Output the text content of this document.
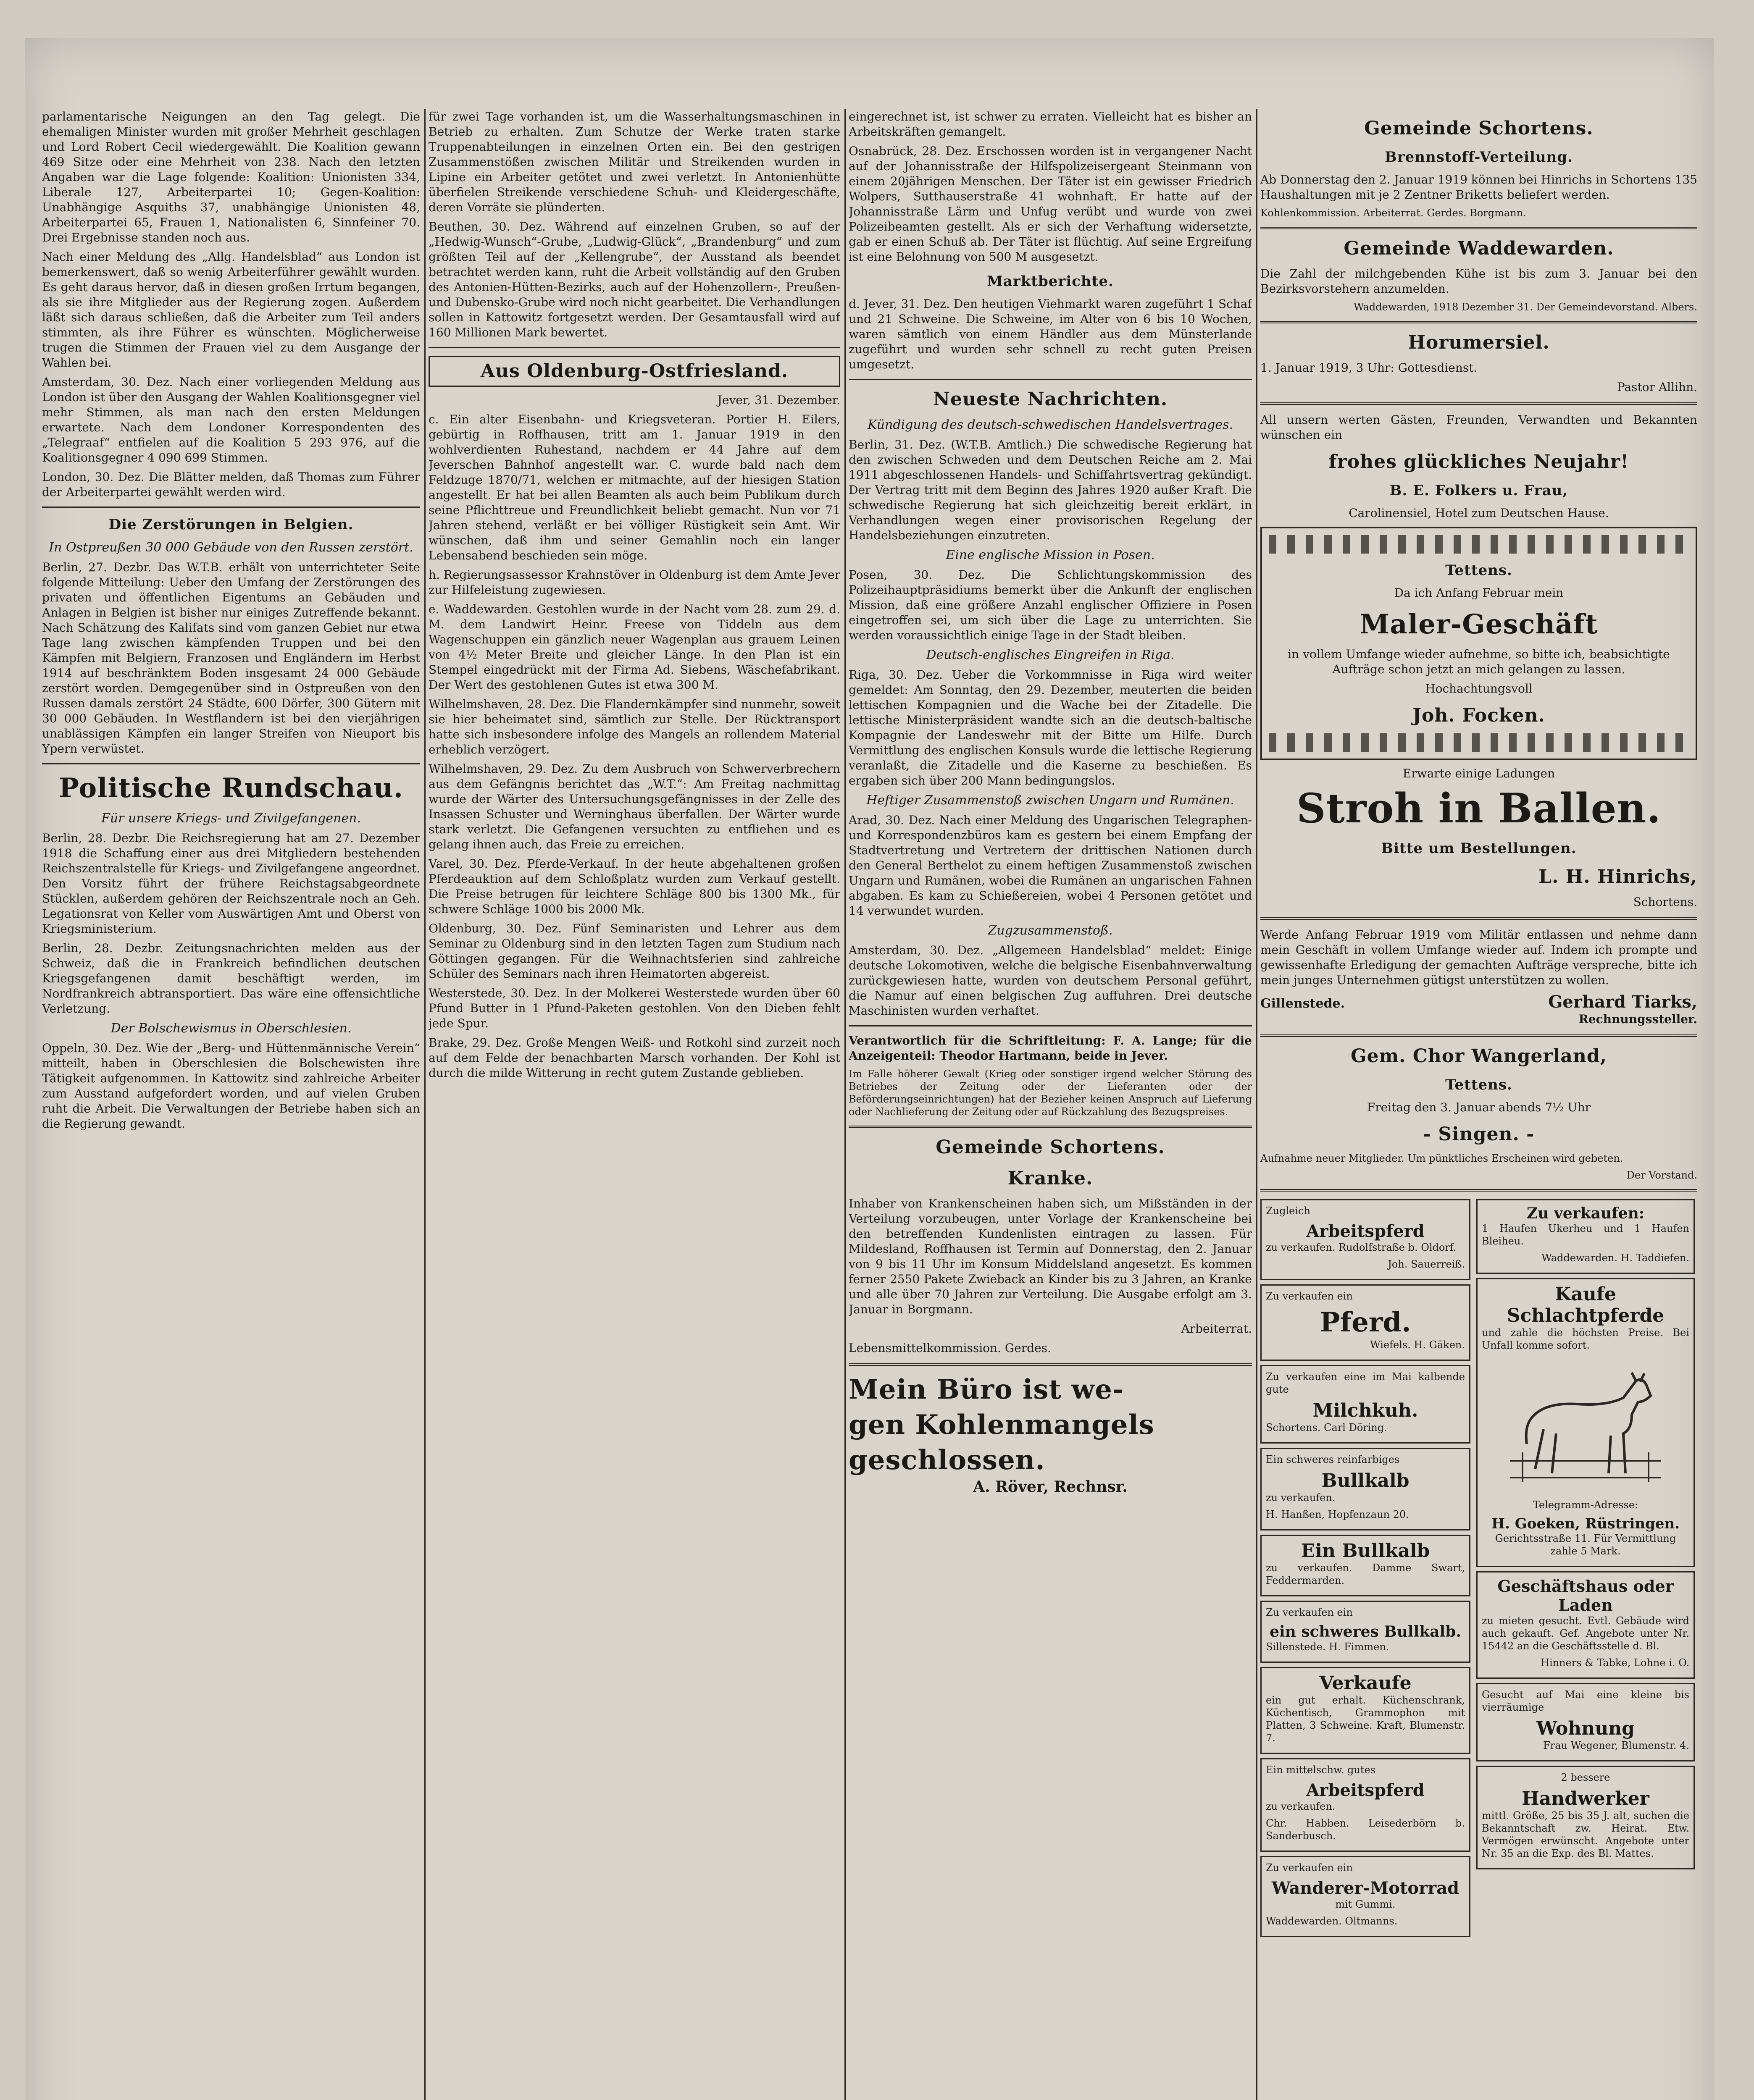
parlamentarische Neigungen an den Tag gelegt. Die ehemaligen Minister wurden mit großer Mehrheit geschlagen und Lord Robert Cecil wiedergewählt. Die Koalition gewann 469 Sitze oder eine Mehrheit von 238. Nach den letzten Angaben war die Lage folgende: Koalition: Unionisten 334, Liberale 127, Arbeiterpartei 10; Gegen-Koalition: Unabhängige Asquiths 37, unabhängige Unionisten 48, Arbeiterpartei 65, Frauen 1, Nationalisten 6, Sinnfeiner 70. Drei Ergebnisse standen noch aus.

Nach einer Meldung des „Allg. Handelsblad“ aus London ist bemerkenswert, daß so wenig Arbeiterführer gewählt wurden. Es geht daraus hervor, daß in diesen großen Irrtum begangen, als sie ihre Mitglieder aus der Regierung zogen. Außerdem läßt sich daraus schließen, daß die Arbeiter zum Teil anders stimmten, als ihre Führer es wünschten. Möglicherweise trugen die Stimmen der Frauen viel zu dem Ausgange der Wahlen bei.

Amsterdam, 30. Dez. Nach einer vorliegenden Meldung aus London ist über den Ausgang der Wahlen Koalitionsgegner viel mehr Stimmen, als man nach den ersten Meldungen erwartete. Nach dem Londoner Korrespondenten des „Telegraaf“ entfielen auf die Koalition 5 293 976, auf die Koalitionsgegner 4 090 699 Stimmen.

London, 30. Dez. Die Blätter melden, daß Thomas zum Führer der Arbeiterpartei gewählt werden wird.

Die Zerstörungen in Belgien.
In Ostpreußen 30 000 Gebäude von den Russen zerstört.

Berlin, 27. Dezbr. Das W.T.B. erhält von unterrichteter Seite folgende Mitteilung: Ueber den Umfang der Zerstörungen des privaten und öffentlichen Eigentums an Gebäuden und Anlagen in Belgien ist bisher nur einiges Zutreffende bekannt. Nach Schätzung des Kalifats sind vom ganzen Gebiet nur etwa Tage lang zwischen kämpfenden Truppen und bei den Kämpfen mit Belgiern, Franzosen und Engländern im Herbst 1914 auf beschränktem Boden insgesamt 24 000 Gebäude zerstört worden. Demgegenüber sind in Ostpreußen von den Russen damals zerstört 24 Städte, 600 Dörfer, 300 Gütern mit 30 000 Gebäuden. In Westflandern ist bei den vierjährigen unablässigen Kämpfen ein langer Streifen von Nieuport bis Ypern verwüstet.

Politische Rundschau.
Für unsere Kriegs- und Zivilgefangenen.

Berlin, 28. Dezbr. Die Reichsregierung hat am 27. Dezember 1918 die Schaffung einer aus drei Mitgliedern bestehenden Reichszentralstelle für Kriegs- und Zivilgefangene angeordnet. Den Vorsitz führt der frühere Reichstagsabgeordnete Stücklen, außerdem gehören der Reichszentrale noch an Geh. Legationsrat von Keller vom Auswärtigen Amt und Oberst von Kriegsministerium.

Berlin, 28. Dezbr. Zeitungsnachrichten melden aus der Schweiz, daß die in Frankreich befindlichen deutschen Kriegsgefangenen damit beschäftigt werden, im Nordfrankreich abtransportiert. Das wäre eine offensichtliche Verletzung.

Der Bolschewismus in Oberschlesien.

Oppeln, 30. Dez. Wie der „Berg- und Hüttenmännische Verein“ mitteilt, haben in Oberschlesien die Bolschewisten ihre Tätigkeit aufgenommen. In Kattowitz sind zahlreiche Arbeiter zum Ausstand aufgefordert worden, und auf vielen Gruben ruht die Arbeit. Die Verwaltungen der Betriebe haben sich an die Regierung gewandt.

für zwei Tage vorhanden ist, um die Wasserhaltungsmaschinen in Betrieb zu erhalten. Zum Schutze der Werke traten starke Truppenabteilungen in einzelnen Orten ein. Bei den gestrigen Zusammenstößen zwischen Militär und Streikenden wurden in Lipine ein Arbeiter getötet und zwei verletzt. In Antonienhütte überfielen Streikende verschiedene Schuh- und Kleidergeschäfte, deren Vorräte sie plünderten.

Beuthen, 30. Dez. Während auf einzelnen Gruben, so auf der „Hedwig-Wunsch“-Grube, „Ludwig-Glück“, „Brandenburg“ und zum größten Teil auf der „Kellengrube“, der Ausstand als beendet betrachtet werden kann, ruht die Arbeit vollständig auf den Gruben des Antonien-Hütten-Bezirks, auch auf der Hohenzollern-, Preußen- und Dubensko-Grube wird noch nicht gearbeitet. Die Verhandlungen sollen in Kattowitz fortgesetzt werden. Der Gesamtausfall wird auf 160 Millionen Mark bewertet.

Aus Oldenburg-Ostfriesland.

Jever, 31. Dezember.

c. Ein alter Eisenbahn- und Kriegsveteran. Portier H. Eilers, gebürtig in Roffhausen, tritt am 1. Januar 1919 in den wohlverdienten Ruhestand, nachdem er 44 Jahre auf dem Jeverschen Bahnhof angestellt war. C. wurde bald nach dem Feldzuge 1870/71, welchen er mitmachte, auf der hiesigen Station angestellt. Er hat bei allen Beamten als auch beim Publikum durch seine Pflichttreue und Freundlichkeit beliebt gemacht. Nun vor 71 Jahren stehend, verläßt er bei völliger Rüstigkeit sein Amt. Wir wünschen, daß ihm und seiner Gemahlin noch ein langer Lebensabend beschieden sein möge.

h. Regierungsassessor Krahnstöver in Oldenburg ist dem Amte Jever zur Hilfeleistung zugewiesen.

e. Waddewarden. Gestohlen wurde in der Nacht vom 28. zum 29. d. M. dem Landwirt Heinr. Freese von Tiddeln aus dem Wagenschuppen ein gänzlich neuer Wagenplan aus grauem Leinen von 4½ Meter Breite und gleicher Länge. In den Plan ist ein Stempel eingedrückt mit der Firma Ad. Siebens, Wäschefabrikant. Der Wert des gestohlenen Gutes ist etwa 300 M.

Wilhelmshaven, 28. Dez. Die Flandernkämpfer sind nunmehr, soweit sie hier beheimatet sind, sämtlich zur Stelle. Der Rücktransport hatte sich insbesondere infolge des Mangels an rollendem Material erheblich verzögert.

Wilhelmshaven, 29. Dez. Zu dem Ausbruch von Schwerverbrechern aus dem Gefängnis berichtet das „W.T.“: Am Freitag nachmittag wurde der Wärter des Untersuchungsgefängnisses in der Zelle des Insassen Schuster und Werninghaus überfallen. Der Wärter wurde stark verletzt. Die Gefangenen versuchten zu entfliehen und es gelang ihnen auch, das Freie zu erreichen.

Varel, 30. Dez. Pferde-Verkauf. In der heute abgehaltenen großen Pferdeauktion auf dem Schloßplatz wurden zum Verkauf gestellt. Die Preise betrugen für leichtere Schläge 800 bis 1300 Mk., für schwere Schläge 1000 bis 2000 Mk.

Oldenburg, 30. Dez. Fünf Seminaristen und Lehrer aus dem Seminar zu Oldenburg sind in den letzten Tagen zum Studium nach Göttingen gegangen. Für die Weihnachtsferien sind zahlreiche Schüler des Seminars nach ihren Heimatorten abgereist.

Westerstede, 30. Dez. In der Molkerei Westerstede wurden über 60 Pfund Butter in 1 Pfund-Paketen gestohlen. Von den Dieben fehlt jede Spur.

Brake, 29. Dez. Große Mengen Weiß- und Rotkohl sind zurzeit noch auf dem Felde der benachbarten Marsch vorhanden. Der Kohl ist durch die milde Witterung in recht gutem Zustande geblieben.

eingerechnet ist, ist schwer zu erraten. Vielleicht hat es bisher an Arbeitskräften gemangelt.

Osnabrück, 28. Dez. Erschossen worden ist in vergangener Nacht auf der Johannisstraße der Hilfspolizeisergeant Steinmann von einem 20jährigen Menschen. Der Täter ist ein gewisser Friedrich Wolpers, Sutthauserstraße 41 wohnhaft. Er hatte auf der Johannisstraße Lärm und Unfug verübt und wurde von zwei Polizeibeamten gestellt. Als er sich der Verhaftung widersetzte, gab er einen Schuß ab. Der Täter ist flüchtig. Auf seine Ergreifung ist eine Belohnung von 500 M ausgesetzt.

Marktberichte.

d. Jever, 31. Dez. Den heutigen Viehmarkt waren zugeführt 1 Schaf und 21 Schweine. Die Schweine, im Alter von 6 bis 10 Wochen, waren sämtlich von einem Händler aus dem Münsterlande zugeführt und wurden sehr schnell zu recht guten Preisen umgesetzt.

Neueste Nachrichten.
Kündigung des deutsch-schwedischen Handelsvertrages.

Berlin, 31. Dez. (W.T.B. Amtlich.) Die schwedische Regierung hat den zwischen Schweden und dem Deutschen Reiche am 2. Mai 1911 abgeschlossenen Handels- und Schiffahrtsvertrag gekündigt. Der Vertrag tritt mit dem Beginn des Jahres 1920 außer Kraft. Die schwedische Regierung hat sich gleichzeitig bereit erklärt, in Verhandlungen wegen einer provisorischen Regelung der Handelsbeziehungen einzutreten.

Eine englische Mission in Posen.

Posen, 30. Dez. Die Schlichtungskommission des Polizeihauptpräsidiums bemerkt über die Ankunft der englischen Mission, daß eine größere Anzahl englischer Offiziere in Posen eingetroffen sei, um sich über die Lage zu unterrichten. Sie werden voraussichtlich einige Tage in der Stadt bleiben.

Deutsch-englisches Eingreifen in Riga.

Riga, 30. Dez. Ueber die Vorkommnisse in Riga wird weiter gemeldet: Am Sonntag, den 29. Dezember, meuterten die beiden lettischen Kompagnien und die Wache bei der Zitadelle. Die lettische Ministerpräsident wandte sich an die deutsch-baltische Kompagnie der Landeswehr mit der Bitte um Hilfe. Durch Vermittlung des englischen Konsuls wurde die lettische Regierung veranlaßt, die Zitadelle und die Kaserne zu beschießen. Es ergaben sich über 200 Mann bedingungslos.

Heftiger Zusammenstoß zwischen Ungarn und Rumänen.

Arad, 30. Dez. Nach einer Meldung des Ungarischen Telegraphen- und Korrespondenzbüros kam es gestern bei einem Empfang der Stadtvertretung und Vertretern der drittischen Nationen durch den General Berthelot zu einem heftigen Zusammenstoß zwischen Ungarn und Rumänen, wobei die Rumänen an ungarischen Fahnen abgaben. Es kam zu Schießereien, wobei 4 Personen getötet und 14 verwundet wurden.

Zugzusammenstoß.

Amsterdam, 30. Dez. „Allgemeen Handelsblad“ meldet: Einige deutsche Lokomotiven, welche die belgische Eisenbahnverwaltung zurückgewiesen hatte, wurden von deutschem Personal geführt, die Namur auf einen belgischen Zug auffuhren. Drei deutsche Maschinisten wurden verhaftet.

Verantwortlich für die Schriftleitung: F. A. Lange; für die Anzeigenteil: Theodor Hartmann, beide in Jever.

Im Falle höherer Gewalt (Krieg oder sonstiger irgend welcher Störung des Betriebes der Zeitung oder der Lieferanten oder der Beförderungseinrichtungen) hat der Bezieher keinen Anspruch auf Lieferung oder Nachlieferung der Zeitung oder auf Rückzahlung des Bezugspreises.

Gemeinde Schortens.
Kranke.

Inhaber von Krankenscheinen haben sich, um Mißständen in der Verteilung vorzubeugen, unter Vorlage der Krankenscheine bei den betreffenden Kundenlisten eintragen zu lassen. Für Mildesland, Roffhausen ist Termin auf Donnerstag, den 2. Januar von 9 bis 11 Uhr im Konsum Middelsland angesetzt. Es kommen ferner 2550 Pakete Zwieback an Kinder bis zu 3 Jahren, an Kranke und alle über 70 Jahren zur Verteilung. Die Ausgabe erfolgt am 3. Januar in Borgmann.

Arbeiterrat.

Lebensmittelkommission. Gerdes.

Mein Büro ist we-
gen Kohlenmangels
geschlossen.

A. Röver, Rechnsr.

Gemeinde Schortens.
Brennstoff-Verteilung.

Ab Donnerstag den 2. Januar 1919 können bei Hinrichs in Schortens 135 Haushaltungen mit je 2 Zentner Briketts beliefert werden.

Kohlenkommission. Arbeiterrat. Gerdes. Borgmann.

Gemeinde Waddewarden.

Die Zahl der milchgebenden Kühe ist bis zum 3. Januar bei den Bezirksvorstehern anzumelden.

Waddewarden, 1918 Dezember 31. Der Gemeindevorstand. Albers.

Horumersiel.

1. Januar 1919, 3 Uhr: Gottesdienst.

Pastor Allihn.

All unsern werten Gästen, Freunden, Verwandten und Bekannten wünschen ein

frohes glückliches Neujahr!
B. E. Folkers u. Frau,

Carolinensiel, Hotel zum Deutschen Hause.

Tettens.

Da ich Anfang Februar mein

Maler-Geschäft

in vollem Umfange wieder aufnehme, so bitte ich, beabsichtigte Aufträge schon jetzt an mich gelangen zu lassen.

Hochachtungsvoll

Joh. Focken.

Erwarte einige Ladungen

Stroh in Ballen.
Bitte um Bestellungen.
L. H. Hinrichs,

Schortens.

Werde Anfang Februar 1919 vom Militär entlassen und nehme dann mein Geschäft in vollem Umfange wieder auf. Indem ich prompte und gewissenhafte Erledigung der gemachten Aufträge verspreche, bitte ich mein junges Unternehmen gütigst unterstützen zu wollen.

Gillenstede.	Gerhard Tiarks,

Rechnungssteller.

Gem. Chor Wangerland,
Tettens.

Freitag den 3. Januar abends 7½ Uhr

- Singen. -

Aufnahme neuer Mitglieder. Um pünktliches Erscheinen wird gebeten.

Der Vorstand.

Zugleich

Arbeitspferd

zu verkaufen. Rudolfstraße b. Oldorf.

Joh. Sauerreiß.

Zu verkaufen ein

Pferd.

Wiefels. H. Gäken.

Zu verkaufen eine im Mai kalbende gute

Milchkuh.

Schortens. Carl Döring.

Ein schweres reinfarbiges

Bullkalb

zu verkaufen.

H. Hanßen, Hopfenzaun 20.

Ein Bullkalb

zu verkaufen. Damme Swart, Feddermarden.

Zu verkaufen ein

ein schweres Bullkalb.

Sillenstede. H. Fimmen.

Verkaufe

ein gut erhalt. Küchenschrank, Küchentisch, Grammophon mit Platten, 3 Schweine. Kraft, Blumenstr. 7.

Ein mittelschw. gutes

Arbeitspferd

zu verkaufen.

Chr. Habben. Leisederbörn b. Sanderbusch.

Zu verkaufen ein

Wanderer-Motorrad

mit Gummi.

Waddewarden. Oltmanns.

Zu verkaufen:

1 Haufen Ukerheu und 1 Haufen Bleiheu.

Waddewarden. H. Taddiefen.

Kaufe Schlachtpferde

und zahle die höchsten Preise. Bei Unfall komme sofort.

Telegramm-Adresse:

H. Goeken, Rüstringen.

Gerichtsstraße 11. Für Vermittlung zahle 5 Mark.

Geschäftshaus oder Laden

zu mieten gesucht. Evtl. Gebäude wird auch gekauft. Gef. Angebote unter Nr. 15442 an die Geschäftsstelle d. Bl.

Hinners & Tabke, Lohne i. O.

Gesucht auf Mai eine kleine bis vierräumige

Wohnung

Frau Wegener, Blumenstr. 4.

2 bessere

Handwerker

mittl. Größe, 25 bis 35 J. alt, suchen die Bekanntschaft zw. Heirat. Etw. Vermögen erwünscht. Angebote unter Nr. 35 an die Exp. des Bl. Mattes.
